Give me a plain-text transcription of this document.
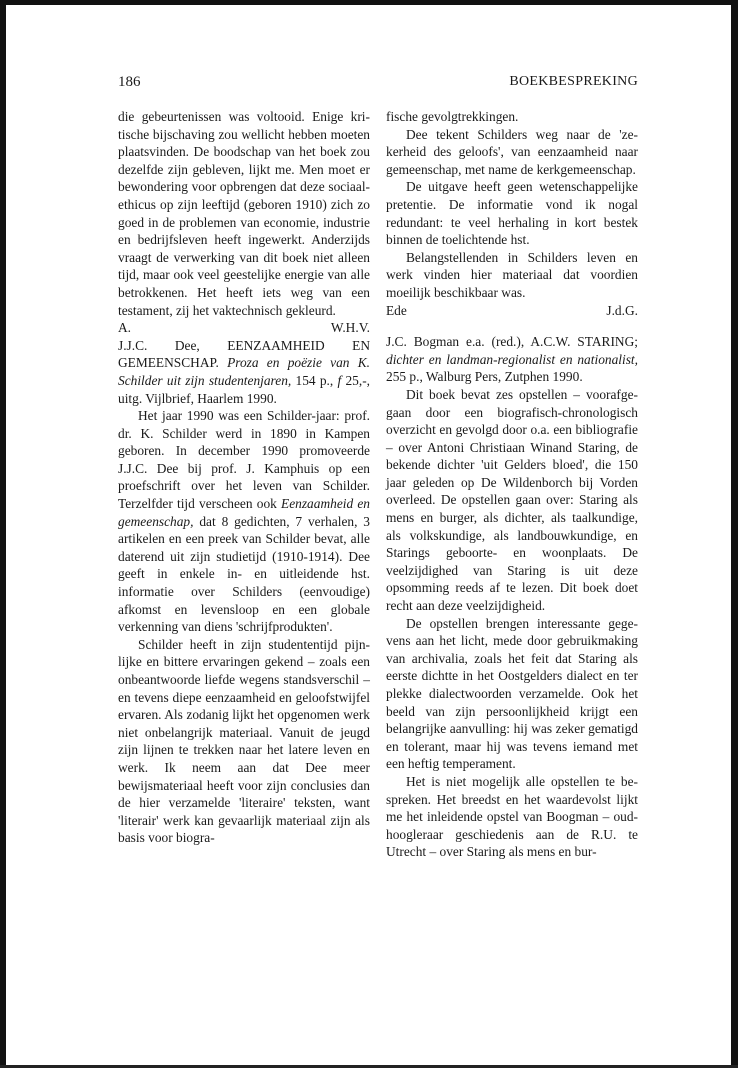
186	BOEKBESPREKING

die gebeurtenissen was voltooid. Enige kritische bijschaving zou wellicht hebben moeten plaatsvinden. De boodschap van het boek zou dezelfde zijn gebleven, lijkt me. Men moet er bewondering voor opbrengen dat deze sociaal-ethicus op zijn leeftijd (geboren 1910) zich zo goed in de problemen van economie, industrie en bedrijfsleven heeft ingewerkt. Anderzijds vraagt de verwerking van dit boek niet alleen tijd, maar ook veel geestelijke energie van alle betrokkenen. Het heeft iets weg van een testament, zij het vaktechnisch gekleurd.

A.	W.H.V.

J.J.C. Dee, EENZAAMHEID EN GEMEENSCHAP. Proza en poëzie van K. Schilder uit zijn studentenjaren, 154 p., f 25,-, uitg. Vijlbrief, Haarlem 1990.

Het jaar 1990 was een Schilder-jaar: prof. dr. K. Schilder werd in 1890 in Kampen geboren. In december 1990 promoveerde J.J.C. Dee bij prof. J. Kamphuis op een proefschrift over het leven van Schilder. Terzelfder tijd verscheen ook Eenzaamheid en gemeenschap, dat 8 gedichten, 7 verhalen, 3 artikelen en een preek van Schilder bevat, alle daterend uit zijn studietijd (1910-1914). Dee geeft in enkele in- en uitleidende hst. informatie over Schilders (eenvoudige) afkomst en levensloop en een globale verkenning van diens 'schrijfprodukten'.

Schilder heeft in zijn studententijd pijnlijke en bittere ervaringen gekend – zoals een onbeantwoorde liefde wegens standsverschil – en tevens diepe eenzaamheid en geloofstwijfel ervaren. Als zodanig lijkt het opgenomen werk niet onbelangrijk materiaal. Vanuit de jeugd zijn lijnen te trekken naar het latere leven en werk. Ik neem aan dat Dee meer bewijsmateriaal heeft voor zijn conclusies dan de hier verzamelde 'literaire' teksten, want 'literair' werk kan gevaarlijk materiaal zijn als basis voor biogra-

fische gevolgtrekkingen.

Dee tekent Schilders weg naar de 'zekerheid des geloofs', van eenzaamheid naar gemeenschap, met name de kerkgemeenschap.

De uitgave heeft geen wetenschappelijke pretentie. De informatie vond ik nogal redundant: te veel herhaling in kort bestek binnen de toelichtende hst.

Belangstellenden in Schilders leven en werk vinden hier materiaal dat voordien moeilijk beschikbaar was.

Ede	J.d.G.

J.C. Bogman e.a. (red.), A.C.W. STARING; dichter en landman-regionalist en nationalist, 255 p., Walburg Pers, Zutphen 1990.

Dit boek bevat zes opstellen – voorafgegaan door een biografisch-chronologisch overzicht en gevolgd door o.a. een bibliografie – over Antoni Christiaan Winand Staring, de bekende dichter 'uit Gelders bloed', die 150 jaar geleden op De Wildenborch bij Vorden overleed. De opstellen gaan over: Staring als mens en burger, als dichter, als taalkundige, als volkskundige, als landbouwkundige, en Starings geboorte- en woonplaats. De veelzijdighed van Staring is uit deze opsomming reeds af te lezen. Dit boek doet recht aan deze veelzijdigheid.

De opstellen brengen interessante gegevens aan het licht, mede door gebruikmaking van archivalia, zoals het feit dat Staring als eerste dichtte in het Oostgelders dialect en ter plekke dialectwoorden verzamelde. Ook het beeld van zijn persoonlijkheid krijgt een belangrijke aanvulling: hij was zeker gematigd en tolerant, maar hij was tevens iemand met een heftig temperament.

Het is niet mogelijk alle opstellen te bespreken. Het breedst en het waardevolst lijkt me het inleidende opstel van Boogman – oud-hoogleraar geschiedenis aan de R.U. te Utrecht – over Staring als mens en bur-
